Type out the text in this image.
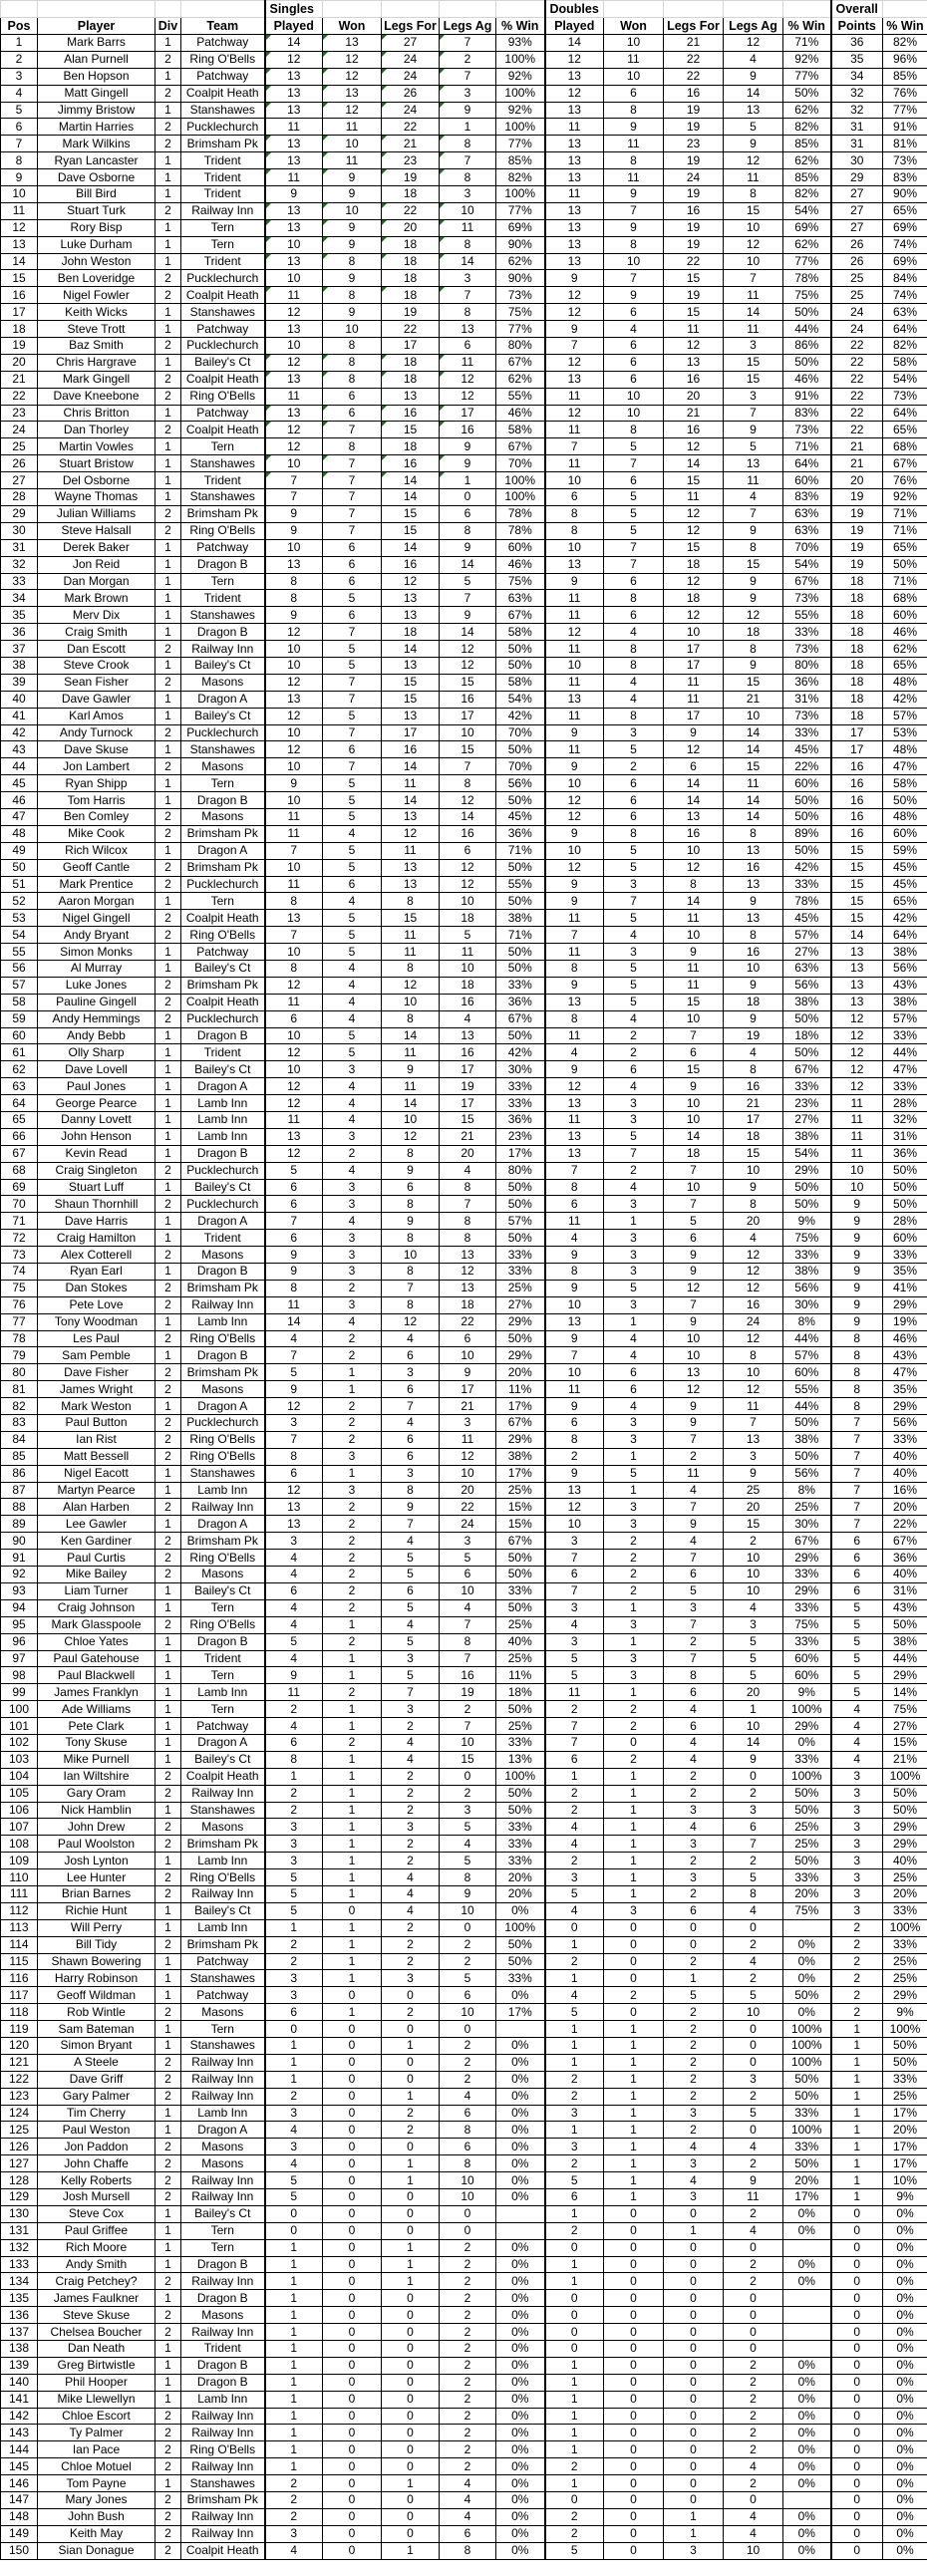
				Singles					Doubles					Overall	
Pos	Player	Div	Team	Played	Won	Legs For	Legs Ag	% Win	Played	Won	Legs For	Legs Ag	% Win	Points	% Win
1	Mark Barrs	1	Patchway	14	13	27	7	93%	14	10	21	12	71%	36	82%
2	Alan Purnell	2	Ring O'Bells	12	12	24	2	100%	12	11	22	4	92%	35	96%
3	Ben Hopson	1	Patchway	13	12	24	7	92%	13	10	22	9	77%	34	85%
4	Matt Gingell	2	Coalpit Heath	13	13	26	3	100%	12	6	16	14	50%	32	76%
5	Jimmy Bristow	1	Stanshawes	13	12	24	9	92%	13	8	19	13	62%	32	77%
6	Martin Harries	2	Pucklechurch	11	11	22	1	100%	11	9	19	5	82%	31	91%
7	Mark Wilkins	2	Brimsham Pk	13	10	21	8	77%	13	11	23	9	85%	31	81%
8	Ryan Lancaster	1	Trident	13	11	23	7	85%	13	8	19	12	62%	30	73%
9	Dave Osborne	1	Trident	11	9	19	8	82%	13	11	24	11	85%	29	83%
10	Bill Bird	1	Trident	9	9	18	3	100%	11	9	19	8	82%	27	90%
11	Stuart Turk	2	Railway Inn	13	10	22	10	77%	13	7	16	15	54%	27	65%
12	Rory Bisp	1	Tern	13	9	20	11	69%	13	9	19	10	69%	27	69%
13	Luke Durham	1	Tern	10	9	18	8	90%	13	8	19	12	62%	26	74%
14	John Weston	1	Trident	13	8	18	14	62%	13	10	22	10	77%	26	69%
15	Ben Loveridge	2	Pucklechurch	10	9	18	3	90%	9	7	15	7	78%	25	84%
16	Nigel Fowler	2	Coalpit Heath	11	8	18	7	73%	12	9	19	11	75%	25	74%
17	Keith Wicks	1	Stanshawes	12	9	19	8	75%	12	6	15	14	50%	24	63%
18	Steve Trott	1	Patchway	13	10	22	13	77%	9	4	11	11	44%	24	64%
19	Baz Smith	2	Pucklechurch	10	8	17	6	80%	7	6	12	3	86%	22	82%
20	Chris Hargrave	1	Bailey's Ct	12	8	18	11	67%	12	6	13	15	50%	22	58%
21	Mark Gingell	2	Coalpit Heath	13	8	18	12	62%	13	6	16	15	46%	22	54%
22	Dave Kneebone	2	Ring O'Bells	11	6	13	12	55%	11	10	20	3	91%	22	73%
23	Chris Britton	1	Patchway	13	6	16	17	46%	12	10	21	7	83%	22	64%
24	Dan Thorley	2	Coalpit Heath	12	7	15	16	58%	11	8	16	9	73%	22	65%
25	Martin Vowles	1	Tern	12	8	18	9	67%	7	5	12	5	71%	21	68%
26	Stuart Bristow	1	Stanshawes	10	7	16	9	70%	11	7	14	13	64%	21	67%
27	Del Osborne	1	Trident	7	7	14	1	100%	10	6	15	11	60%	20	76%
28	Wayne Thomas	1	Stanshawes	7	7	14	0	100%	6	5	11	4	83%	19	92%
29	Julian Williams	2	Brimsham Pk	9	7	15	6	78%	8	5	12	7	63%	19	71%
30	Steve Halsall	2	Ring O'Bells	9	7	15	8	78%	8	5	12	9	63%	19	71%
31	Derek Baker	1	Patchway	10	6	14	9	60%	10	7	15	8	70%	19	65%
32	Jon Reid	1	Dragon B	13	6	16	14	46%	13	7	18	15	54%	19	50%
33	Dan Morgan	1	Tern	8	6	12	5	75%	9	6	12	9	67%	18	71%
34	Mark Brown	1	Trident	8	5	13	7	63%	11	8	18	9	73%	18	68%
35	Merv Dix	1	Stanshawes	9	6	13	9	67%	11	6	12	12	55%	18	60%
36	Craig Smith	1	Dragon B	12	7	18	14	58%	12	4	10	18	33%	18	46%
37	Dan Escott	2	Railway Inn	10	5	14	12	50%	11	8	17	8	73%	18	62%
38	Steve Crook	1	Bailey's Ct	10	5	13	12	50%	10	8	17	9	80%	18	65%
39	Sean Fisher	2	Masons	12	7	15	15	58%	11	4	11	15	36%	18	48%
40	Dave Gawler	1	Dragon A	13	7	15	16	54%	13	4	11	21	31%	18	42%
41	Karl Amos	1	Bailey's Ct	12	5	13	17	42%	11	8	17	10	73%	18	57%
42	Andy Turnock	2	Pucklechurch	10	7	17	10	70%	9	3	9	14	33%	17	53%
43	Dave Skuse	1	Stanshawes	12	6	16	15	50%	11	5	12	14	45%	17	48%
44	Jon Lambert	2	Masons	10	7	14	7	70%	9	2	6	15	22%	16	47%
45	Ryan Shipp	1	Tern	9	5	11	8	56%	10	6	14	11	60%	16	58%
46	Tom Harris	1	Dragon B	10	5	14	12	50%	12	6	14	14	50%	16	50%
47	Ben Comley	2	Masons	11	5	13	14	45%	12	6	13	14	50%	16	48%
48	Mike Cook	2	Brimsham Pk	11	4	12	16	36%	9	8	16	8	89%	16	60%
49	Rich Wilcox	1	Dragon A	7	5	11	6	71%	10	5	10	13	50%	15	59%
50	Geoff Cantle	2	Brimsham Pk	10	5	13	12	50%	12	5	12	16	42%	15	45%
51	Mark Prentice	2	Pucklechurch	11	6	13	12	55%	9	3	8	13	33%	15	45%
52	Aaron Morgan	1	Tern	8	4	8	10	50%	9	7	14	9	78%	15	65%
53	Nigel Gingell	2	Coalpit Heath	13	5	15	18	38%	11	5	11	13	45%	15	42%
54	Andy Bryant	2	Ring O'Bells	7	5	11	5	71%	7	4	10	8	57%	14	64%
55	Simon Monks	1	Patchway	10	5	11	11	50%	11	3	9	16	27%	13	38%
56	Al Murray	1	Bailey's Ct	8	4	8	10	50%	8	5	11	10	63%	13	56%
57	Luke Jones	2	Brimsham Pk	12	4	12	18	33%	9	5	11	9	56%	13	43%
58	Pauline Gingell	2	Coalpit Heath	11	4	10	16	36%	13	5	15	18	38%	13	38%
59	Andy Hemmings	2	Pucklechurch	6	4	8	4	67%	8	4	10	9	50%	12	57%
60	Andy Bebb	1	Dragon B	10	5	14	13	50%	11	2	7	19	18%	12	33%
61	Olly Sharp	1	Trident	12	5	11	16	42%	4	2	6	4	50%	12	44%
62	Dave Lovell	1	Bailey's Ct	10	3	9	17	30%	9	6	15	8	67%	12	47%
63	Paul Jones	1	Dragon A	12	4	11	19	33%	12	4	9	16	33%	12	33%
64	George Pearce	1	Lamb Inn	12	4	14	17	33%	13	3	10	21	23%	11	28%
65	Danny Lovett	1	Lamb Inn	11	4	10	15	36%	11	3	10	17	27%	11	32%
66	John Henson	1	Lamb Inn	13	3	12	21	23%	13	5	14	18	38%	11	31%
67	Kevin Read	1	Dragon B	12	2	8	20	17%	13	7	18	15	54%	11	36%
68	Craig Singleton	2	Pucklechurch	5	4	9	4	80%	7	2	7	10	29%	10	50%
69	Stuart Luff	1	Bailey's Ct	6	3	6	8	50%	8	4	10	9	50%	10	50%
70	Shaun Thornhill	2	Pucklechurch	6	3	8	7	50%	6	3	7	8	50%	9	50%
71	Dave Harris	1	Dragon A	7	4	9	8	57%	11	1	5	20	9%	9	28%
72	Craig Hamilton	1	Trident	6	3	8	8	50%	4	3	6	4	75%	9	60%
73	Alex Cotterell	2	Masons	9	3	10	13	33%	9	3	9	12	33%	9	33%
74	Ryan Earl	1	Dragon B	9	3	8	12	33%	8	3	9	12	38%	9	35%
75	Dan Stokes	2	Brimsham Pk	8	2	7	13	25%	9	5	12	12	56%	9	41%
76	Pete Love	2	Railway Inn	11	3	8	18	27%	10	3	7	16	30%	9	29%
77	Tony Woodman	1	Lamb Inn	14	4	12	22	29%	13	1	9	24	8%	9	19%
78	Les Paul	2	Ring O'Bells	4	2	4	6	50%	9	4	10	12	44%	8	46%
79	Sam Pemble	1	Dragon B	7	2	6	10	29%	7	4	10	8	57%	8	43%
80	Dave Fisher	2	Brimsham Pk	5	1	3	9	20%	10	6	13	10	60%	8	47%
81	James Wright	2	Masons	9	1	6	17	11%	11	6	12	12	55%	8	35%
82	Mark Weston	1	Dragon A	12	2	7	21	17%	9	4	9	11	44%	8	29%
83	Paul Button	2	Pucklechurch	3	2	4	3	67%	6	3	9	7	50%	7	56%
84	Ian Rist	2	Ring O'Bells	7	2	6	11	29%	8	3	7	13	38%	7	33%
85	Matt Bessell	2	Ring O'Bells	8	3	6	12	38%	2	1	2	3	50%	7	40%
86	Nigel Eacott	1	Stanshawes	6	1	3	10	17%	9	5	11	9	56%	7	40%
87	Martyn Pearce	1	Lamb Inn	12	3	8	20	25%	13	1	4	25	8%	7	16%
88	Alan Harben	2	Railway Inn	13	2	9	22	15%	12	3	7	20	25%	7	20%
89	Lee Gawler	1	Dragon A	13	2	7	24	15%	10	3	9	15	30%	7	22%
90	Ken Gardiner	2	Brimsham Pk	3	2	4	3	67%	3	2	4	2	67%	6	67%
91	Paul Curtis	2	Ring O'Bells	4	2	5	5	50%	7	2	7	10	29%	6	36%
92	Mike Bailey	2	Masons	4	2	5	6	50%	6	2	6	10	33%	6	40%
93	Liam Turner	1	Bailey's Ct	6	2	6	10	33%	7	2	5	10	29%	6	31%
94	Craig Johnson	1	Tern	4	2	5	4	50%	3	1	3	4	33%	5	43%
95	Mark Glasspoole	2	Ring O'Bells	4	1	4	7	25%	4	3	7	3	75%	5	50%
96	Chloe Yates	1	Dragon B	5	2	5	8	40%	3	1	2	5	33%	5	38%
97	Paul Gatehouse	1	Trident	4	1	3	7	25%	5	3	7	5	60%	5	44%
98	Paul Blackwell	1	Tern	9	1	5	16	11%	5	3	8	5	60%	5	29%
99	James Franklyn	1	Lamb Inn	11	2	7	19	18%	11	1	6	20	9%	5	14%
100	Ade Williams	1	Tern	2	1	3	2	50%	2	2	4	1	100%	4	75%
101	Pete Clark	1	Patchway	4	1	2	7	25%	7	2	6	10	29%	4	27%
102	Tony Skuse	1	Dragon A	6	2	4	10	33%	7	0	4	14	0%	4	15%
103	Mike Purnell	1	Bailey's Ct	8	1	4	15	13%	6	2	4	9	33%	4	21%
104	Ian Wiltshire	2	Coalpit Heath	1	1	2	0	100%	1	1	2	0	100%	3	100%
105	Gary Oram	2	Railway Inn	2	1	2	2	50%	2	1	2	2	50%	3	50%
106	Nick Hamblin	1	Stanshawes	2	1	2	3	50%	2	1	3	3	50%	3	50%
107	John Drew	2	Masons	3	1	3	5	33%	4	1	4	6	25%	3	29%
108	Paul Woolston	2	Brimsham Pk	3	1	2	4	33%	4	1	3	7	25%	3	29%
109	Josh Lynton	1	Lamb Inn	3	1	2	5	33%	2	1	2	2	50%	3	40%
110	Lee Hunter	2	Ring O'Bells	5	1	4	8	20%	3	1	3	5	33%	3	25%
111	Brian Barnes	2	Railway Inn	5	1	4	9	20%	5	1	2	8	20%	3	20%
112	Richie Hunt	1	Bailey's Ct	5	0	4	10	0%	4	3	6	4	75%	3	33%
113	Will Perry	1	Lamb Inn	1	1	2	0	100%	0	0	0	0		2	100%
114	Bill Tidy	2	Brimsham Pk	2	1	2	2	50%	1	0	0	2	0%	2	33%
115	Shawn Bowering	1	Patchway	2	1	2	2	50%	2	0	2	4	0%	2	25%
116	Harry Robinson	1	Stanshawes	3	1	3	5	33%	1	0	1	2	0%	2	25%
117	Geoff Wildman	1	Patchway	3	0	0	6	0%	4	2	5	5	50%	2	29%
118	Rob Wintle	2	Masons	6	1	2	10	17%	5	0	2	10	0%	2	9%
119	Sam Bateman	1	Tern	0	0	0	0		1	1	2	0	100%	1	100%
120	Simon Bryant	1	Stanshawes	1	0	1	2	0%	1	1	2	0	100%	1	50%
121	A Steele	2	Railway Inn	1	0	0	2	0%	1	1	2	0	100%	1	50%
122	Dave Griff	2	Railway Inn	1	0	0	2	0%	2	1	2	3	50%	1	33%
123	Gary Palmer	2	Railway Inn	2	0	1	4	0%	2	1	2	2	50%	1	25%
124	Tim Cherry	1	Lamb Inn	3	0	2	6	0%	3	1	3	5	33%	1	17%
125	Paul Weston	1	Dragon A	4	0	2	8	0%	1	1	2	0	100%	1	20%
126	Jon Paddon	2	Masons	3	0	0	6	0%	3	1	4	4	33%	1	17%
127	John Chaffe	2	Masons	4	0	1	8	0%	2	1	3	2	50%	1	17%
128	Kelly Roberts	2	Railway Inn	5	0	1	10	0%	5	1	4	9	20%	1	10%
129	Josh Mursell	2	Railway Inn	5	0	0	10	0%	6	1	3	11	17%	1	9%
130	Steve Cox	1	Bailey's Ct	0	0	0	0		1	0	0	2	0%	0	0%
131	Paul Griffee	1	Tern	0	0	0	0		2	0	1	4	0%	0	0%
132	Rich Moore	1	Tern	1	0	1	2	0%	0	0	0	0		0	0%
133	Andy Smith	1	Dragon B	1	0	1	2	0%	1	0	0	2	0%	0	0%
134	Craig Petchey?	2	Railway Inn	1	0	1	2	0%	1	0	0	2	0%	0	0%
135	James Faulkner	1	Dragon B	1	0	0	2	0%	0	0	0	0		0	0%
136	Steve Skuse	2	Masons	1	0	0	2	0%	0	0	0	0		0	0%
137	Chelsea Boucher	2	Railway Inn	1	0	0	2	0%	0	0	0	0		0	0%
138	Dan Neath	1	Trident	1	0	0	2	0%	0	0	0	0		0	0%
139	Greg Birtwistle	1	Dragon B	1	0	0	2	0%	1	0	0	2	0%	0	0%
140	Phil Hooper	1	Dragon B	1	0	0	2	0%	1	0	0	2	0%	0	0%
141	Mike Llewellyn	1	Lamb Inn	1	0	0	2	0%	1	0	0	2	0%	0	0%
142	Chloe Escort	2	Railway Inn	1	0	0	2	0%	1	0	0	2	0%	0	0%
143	Ty Palmer	2	Railway Inn	1	0	0	2	0%	1	0	0	2	0%	0	0%
144	Ian Pace	2	Ring O'Bells	1	0	0	2	0%	1	0	0	2	0%	0	0%
145	Chloe Motuel	2	Railway Inn	1	0	0	2	0%	2	0	0	4	0%	0	0%
146	Tom Payne	1	Stanshawes	2	0	1	4	0%	1	0	0	2	0%	0	0%
147	Mary Jones	2	Brimsham Pk	2	0	0	4	0%	0	0	0	0		0	0%
148	John Bush	2	Railway Inn	2	0	0	4	0%	2	0	1	4	0%	0	0%
149	Keith May	2	Railway Inn	3	0	0	6	0%	2	0	1	4	0%	0	0%
150	Sian Donague	2	Coalpit Heath	4	0	1	8	0%	5	0	3	10	0%	0	0%
